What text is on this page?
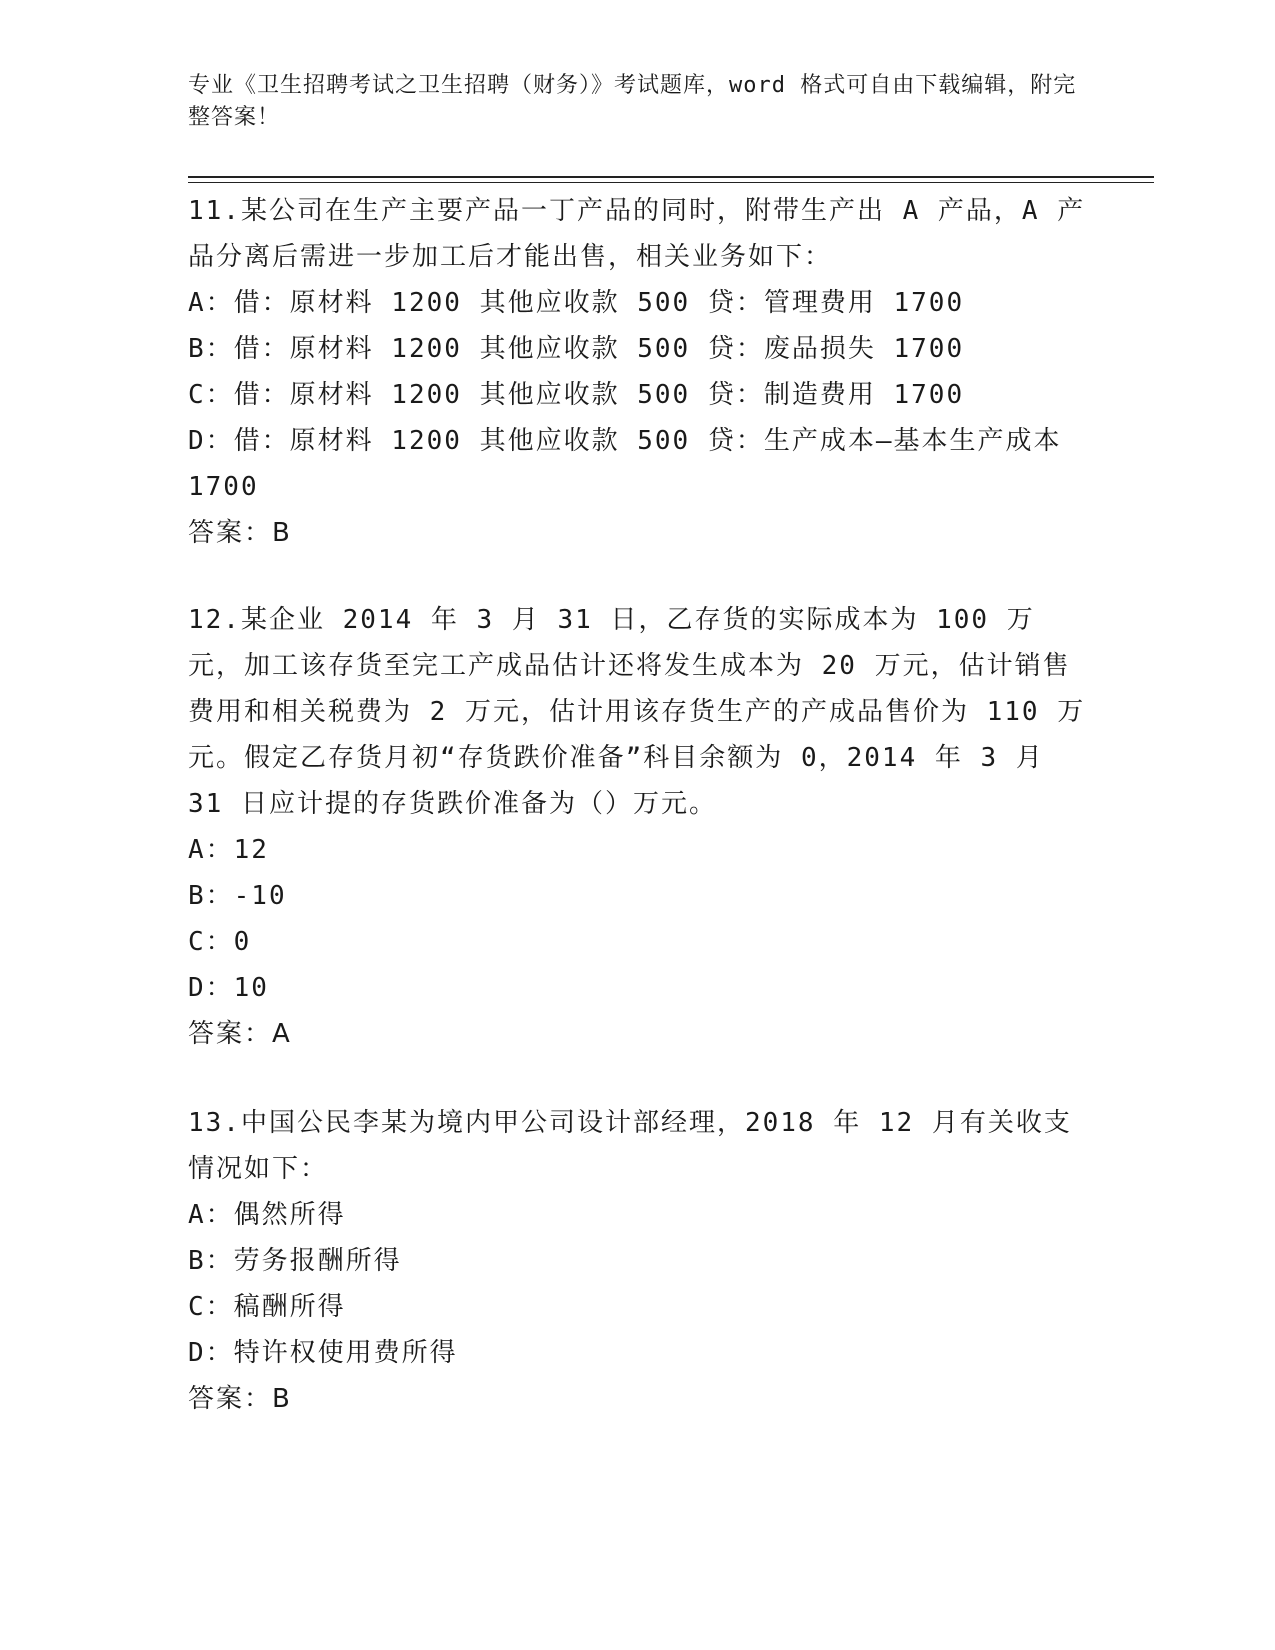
专业《卫生招聘考试之卫生招聘（财务）》考试题库，word 格式可自由下载编辑，附完整答案！

11.某公司在生产主要产品一丁产品的同时，附带生产出 A 产品，A 产品分离后需进一步加工后才能出售，相关业务如下：

A：借：原材料 1200 其他应收款 500 贷：管理费用 1700

B：借：原材料 1200 其他应收款 500 贷：废品损失 1700

C：借：原材料 1200 其他应收款 500 贷：制造费用 1700

D：借：原材料 1200 其他应收款 500 贷：生产成本—基本生产成本 1700

答案：B

12.某企业 2014 年 3 月 31 日，乙存货的实际成本为 100 万元，加工该存货至完工产成品估计还将发生成本为 20 万元，估计销售费用和相关税费为 2 万元，估计用该存货生产的产成品售价为 110 万元。假定乙存货月初“存货跌价准备”科目余额为 0，2014 年 3 月 31 日应计提的存货跌价准备为（）万元。

A：12

B：-10

C：0

D：10

答案：A

13.中国公民李某为境内甲公司设计部经理，2018 年 12 月有关收支情况如下：

A：偶然所得

B：劳务报酬所得

C：稿酬所得

D：特许权使用费所得

答案：B
